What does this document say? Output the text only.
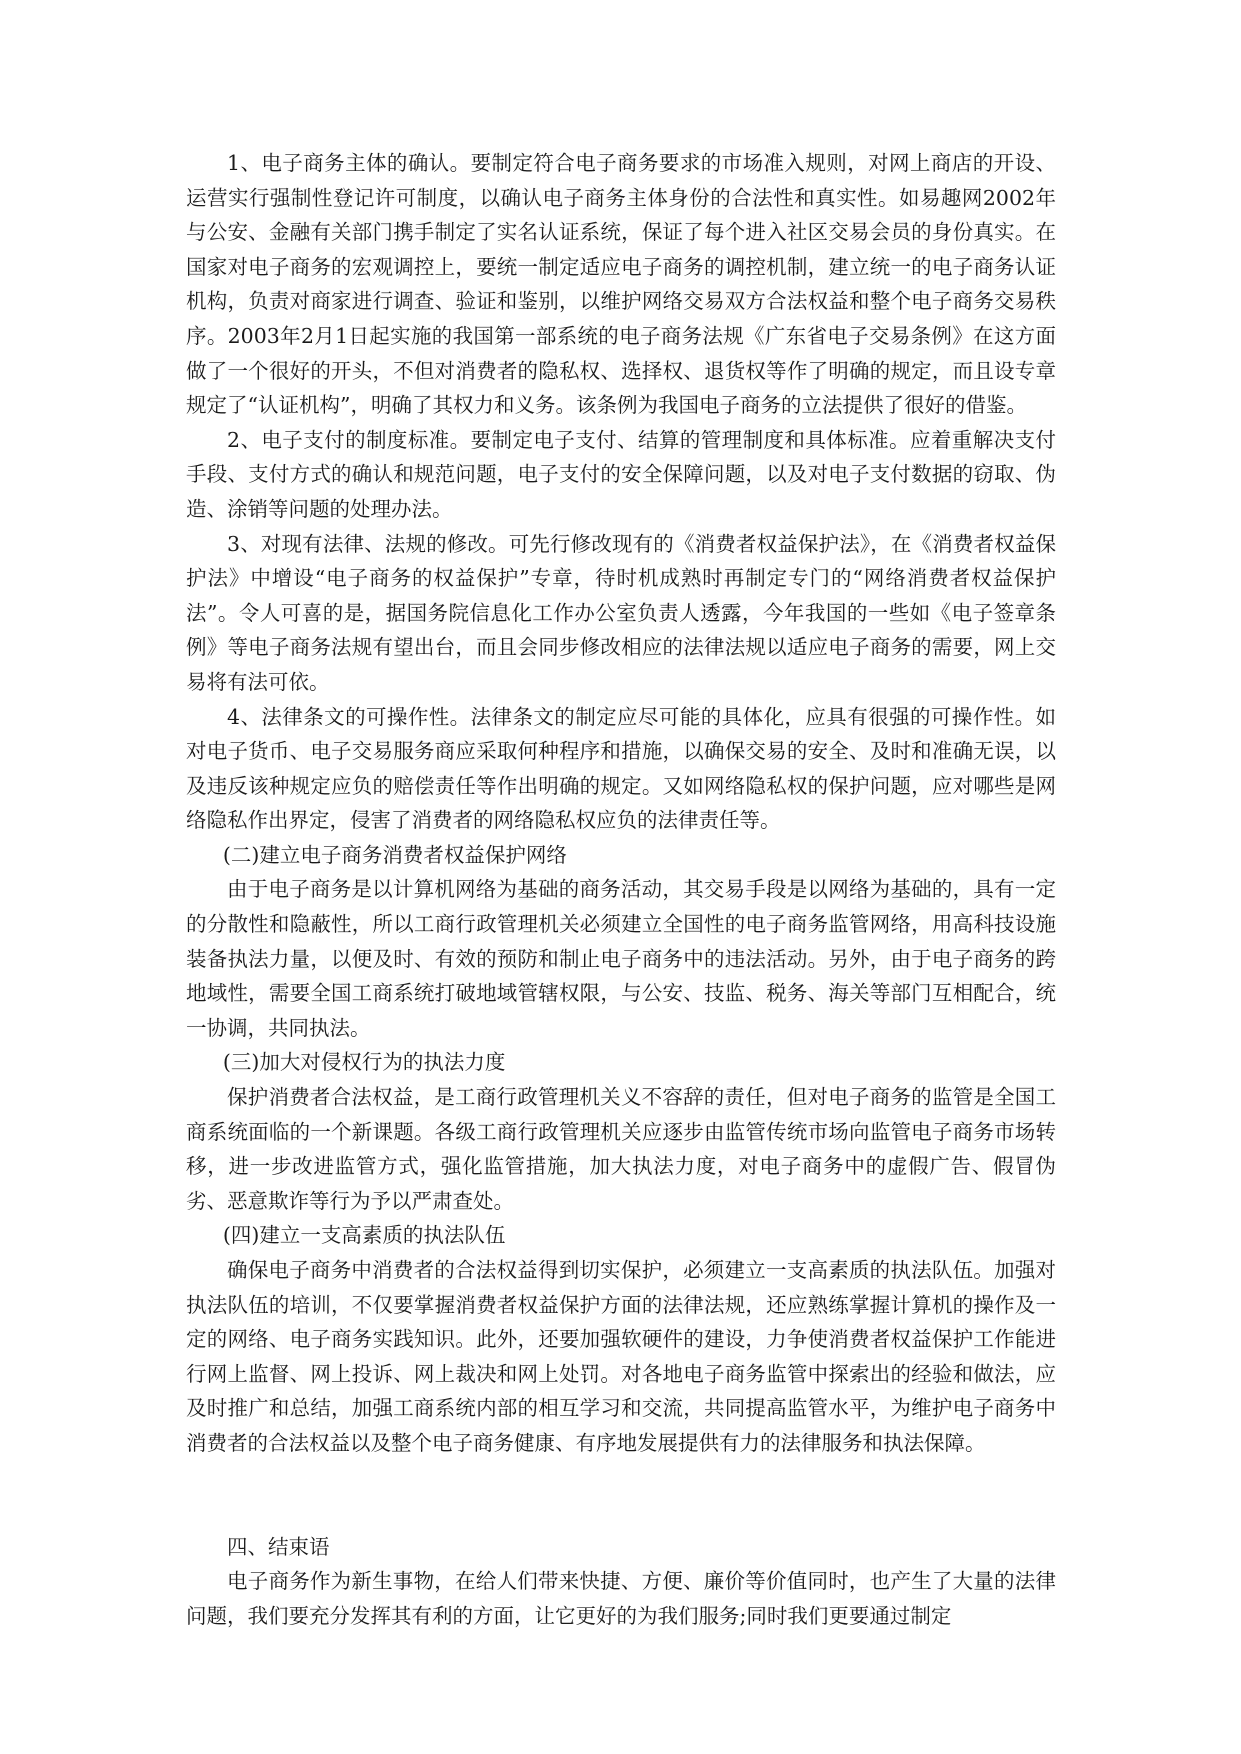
1、电子商务主体的确认。要制定符合电子商务要求的市场准入规则，对网上商店的开设、运营实行强制性登记许可制度，以确认电子商务主体身份的合法性和真实性。如易趣网2002年与公安、金融有关部门携手制定了实名认证系统，保证了每个进入社区交易会员的身份真实。在国家对电子商务的宏观调控上，要统一制定适应电子商务的调控机制，建立统一的电子商务认证机构，负责对商家进行调查、验证和鉴别，以维护网络交易双方合法权益和整个电子商务交易秩序。2003年2月1日起实施的我国第一部系统的电子商务法规《广东省电子交易条例》在这方面做了一个很好的开头，不但对消费者的隐私权、选择权、退货权等作了明确的规定，而且设专章规定了“认证机构”，明确了其权力和义务。该条例为我国电子商务的立法提供了很好的借鉴。

2、电子支付的制度标准。要制定电子支付、结算的管理制度和具体标准。应着重解决支付手段、支付方式的确认和规范问题，电子支付的安全保障问题，以及对电子支付数据的窃取、伪造、涂销等问题的处理办法。

3、对现有法律、法规的修改。可先行修改现有的《消费者权益保护法》，在《消费者权益保护法》中增设“电子商务的权益保护”专章，待时机成熟时再制定专门的“网络消费者权益保护法”。令人可喜的是，据国务院信息化工作办公室负责人透露，今年我国的一些如《电子签章条例》等电子商务法规有望出台，而且会同步修改相应的法律法规以适应电子商务的需要，网上交易将有法可依。

4、法律条文的可操作性。法律条文的制定应尽可能的具体化，应具有很强的可操作性。如对电子货币、电子交易服务商应采取何种程序和措施，以确保交易的安全、及时和准确无误，以及违反该种规定应负的赔偿责任等作出明确的规定。又如网络隐私权的保护问题，应对哪些是网络隐私作出界定，侵害了消费者的网络隐私权应负的法律责任等。

(二)建立电子商务消费者权益保护网络

由于电子商务是以计算机网络为基础的商务活动，其交易手段是以网络为基础的，具有一定的分散性和隐蔽性，所以工商行政管理机关必须建立全国性的电子商务监管网络，用高科技设施装备执法力量，以便及时、有效的预防和制止电子商务中的违法活动。另外，由于电子商务的跨地域性，需要全国工商系统打破地域管辖权限，与公安、技监、税务、海关等部门互相配合，统一协调，共同执法。

(三)加大对侵权行为的执法力度

保护消费者合法权益，是工商行政管理机关义不容辞的责任，但对电子商务的监管是全国工商系统面临的一个新课题。各级工商行政管理机关应逐步由监管传统市场向监管电子商务市场转移，进一步改进监管方式，强化监管措施，加大执法力度，对电子商务中的虚假广告、假冒伪劣、恶意欺诈等行为予以严肃查处。

(四)建立一支高素质的执法队伍

确保电子商务中消费者的合法权益得到切实保护，必须建立一支高素质的执法队伍。加强对执法队伍的培训，不仅要掌握消费者权益保护方面的法律法规，还应熟练掌握计算机的操作及一定的网络、电子商务实践知识。此外，还要加强软硬件的建设，力争使消费者权益保护工作能进行网上监督、网上投诉、网上裁决和网上处罚。对各地电子商务监管中探索出的经验和做法，应及时推广和总结，加强工商系统内部的相互学习和交流，共同提高监管水平，为维护电子商务中消费者的合法权益以及整个电子商务健康、有序地发展提供有力的法律服务和执法保障。

四、结束语

电子商务作为新生事物，在给人们带来快捷、方便、廉价等价值同时，也产生了大量的法律问题，我们要充分发挥其有利的方面，让它更好的为我们服务;同时我们更要通过制定
